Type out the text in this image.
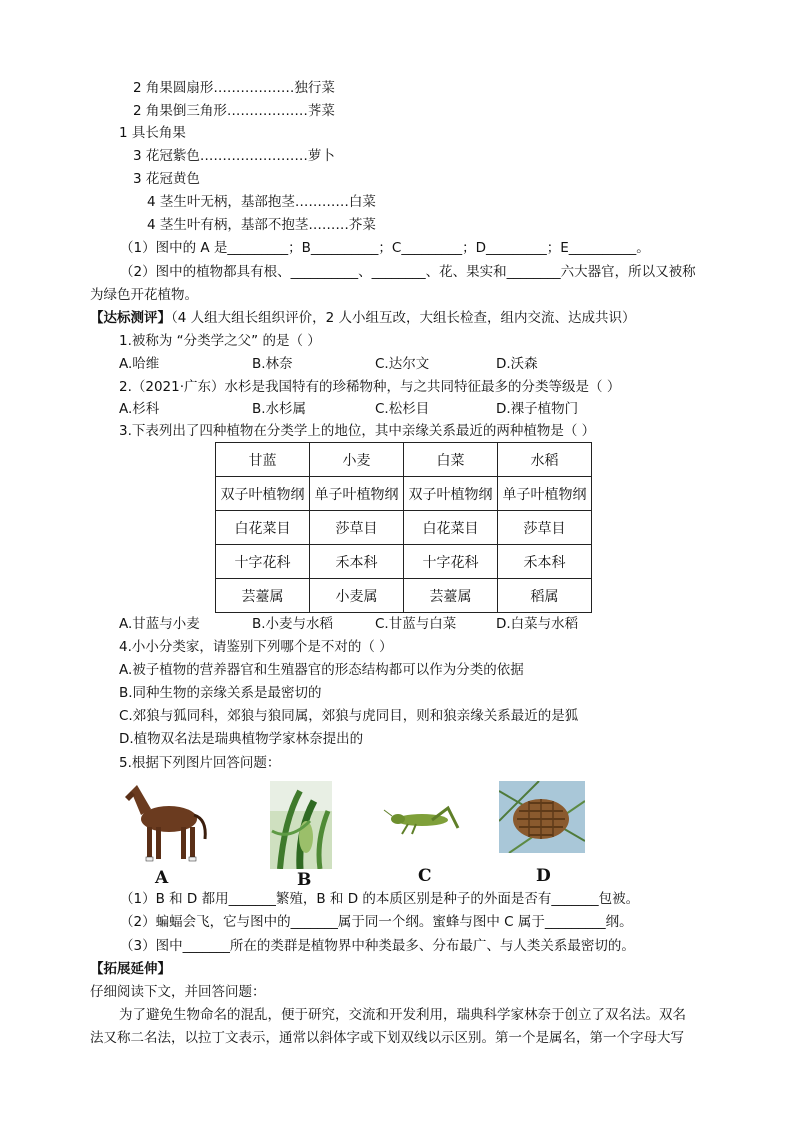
2 角果圆扇形………………独行菜
2 角果倒三角形………………荠菜
1 具长角果
3 花冠紫色……………………萝卜
3 花冠黄色
4 茎生叶无柄，基部抱茎…………白菜
4 茎生叶有柄，基部不抱茎………芥菜
（1）图中的 A 是_________；B__________；C_________；D_________；E__________。
（2）图中的植物都具有根、__________、________、花、果实和________六大器官，所以又被称
为绿色开花植物。
【达标测评】（4 人组大组长组织评价，2 人小组互改，大组长检查，组内交流、达成共识）
1.被称为 “分类学之父” 的是（ ）
A.哈维	B.林奈	C.达尔文	D.沃森
2.（2021·广东）水杉是我国特有的珍稀物种，与之共同特征最多的分类等级是（ ）
A.杉科	B.水杉属	C.松杉目	D.裸子植物门
3.下表列出了四种植物在分类学上的地位，其中亲缘关系最近的两种植物是（ ）
甘蓝	小麦	白菜	水稻
双子叶植物纲	单子叶植物纲	双子叶植物纲	单子叶植物纲
白花菜目	莎草目	白花菜目	莎草目
十字花科	禾本科	十字花科	禾本科
芸薹属	小麦属	芸薹属	稻属
A.甘蓝与小麦	B.小麦与水稻	C.甘蓝与白菜	D.白菜与水稻
4.小小分类家，请鉴别下列哪个是不对的（ ）
A.被子植物的营养器官和生殖器官的形态结构都可以作为分类的依据
B.同种生物的亲缘关系是最密切的
C.郊狼与狐同科，郊狼与狼同属，郊狼与虎同目，则和狼亲缘关系最近的是狐
D.植物双名法是瑞典植物学家林奈提出的
5.根据下列图片回答问题：
A	B	C	D
（1）B 和 D 都用_______繁殖，B 和 D 的本质区别是种子的外面是否有_______包被。
（2）蝙蝠会飞，它与图中的_______属于同一个纲。蜜蜂与图中 C 属于_________纲。
（3）图中_______所在的类群是植物界中种类最多、分布最广、与人类关系最密切的。
【拓展延伸】
仔细阅读下文，并回答问题：
为了避免生物命名的混乱，便于研究，交流和开发利用，瑞典科学家林奈于创立了双名法。双名
法又称二名法，以拉丁文表示，通常以斜体字或下划双线以示区别。第一个是属名，第一个字母大写
